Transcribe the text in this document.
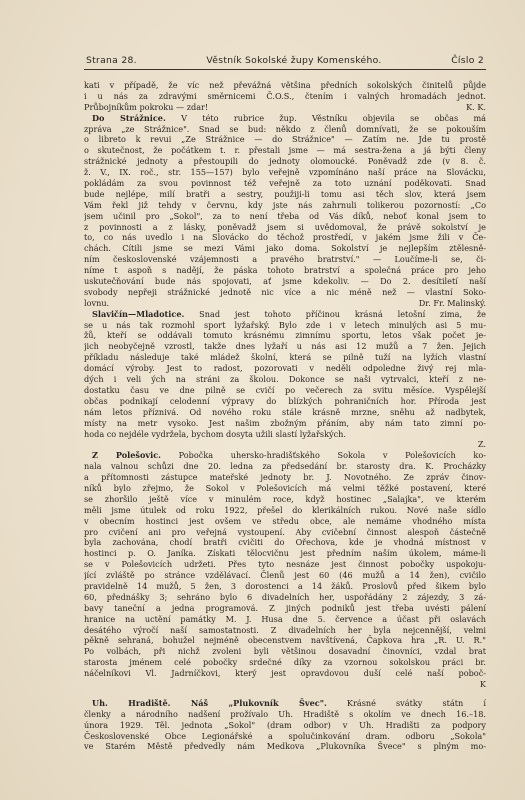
Strana 28.	Věstník Sokolské župy Komenského.	Číslo 2
kati v případě, že víc než převážná většina předních sokolských činitelů půjde
i u nás za zdravými směrnicemi Č.O.S., čtením i valných hromadách jednot.
Průbojníkům pokroku — zdar!	K. K.
Do Strážnice. V této rubrice žup. Věstníku objevila se občas má
zpráva „ze Strážnice". Snad se bud: někdo z členů domnívati, že se pokouším
o libreto k revui „Ze Strážnice — do Strážnice" — Zatím ne. Jde tu prostě
o skutečnost, že počátkem t. r. přestali jsme — má sestra-žena a já býti členy
strážnické jednoty a přestoupili do jednoty olomoucké. Poněvadž zde (v 8. č.
ž. V., IX. roč., str. 155—157) bylo veřejně vzpomínáno naší práce na Slovácku,
pokládám za svou povinnost též veřejně za toto uznání poděkovati. Snad
bude nejlépe, milí bratři a sestry, použiji-li tomu asi těch slov, která jsem
Vám řekl již tehdy v červnu, kdy jste nás zahrnuli tolikerou pozorností: „Co
jsem učinil pro „Sokol", za to není třeba od Vás díků, neboť konal jsem to
z povinnosti a z lásky, poněvadž jsem si uvědomoval, že právě sokolství je
to, co nás uvedlo i na Slovácko do těchož prostředí, v jakém jsme žili v Če-
chách. Cítili jsme se mezi Vámi jako doma. Sokolství je nejlepším ztělesně-
ním československé vzájemnosti a pravého bratrství." — Loučíme-li se, či-
níme t aspoň s nadějí, že páska tohoto bratrství a společná práce pro jeho
uskutečňování bude nás spojovati, ať jsme kdekoliv. — Do 2. desítiletí naší
svobody nepřeji strážnické jednotě nic více a nic méně než — vlastní Soko-
lovnu.	Dr. Fr. Malinský.
Slavičín—Mladotice. Snad jest tohoto příčinou krásná letošní zima, že
se u nás tak rozmohl sport lyžařský. Bylo zde i v letech minulých asi 5 mu-
žů, kteří se oddávali tomuto krásnému zimnímu sportu, letos však počet je-
jich neobyčejně vzrostl, takže dnes lyžaří u nás asi 12 mužů a 7 žen. Jejich
příkladu následuje také mládež školní, která se pilně tuží na lyžích vlastní
domácí výroby. Jest to radost, pozorovati v neděli odpoledne živý rej mla-
dých i veli ých na stráni za školou. Dokonce se naši vytrvalci, kteří z ne-
dostatku času ve dne pilně se cvičí po večerech za svitu měsíce. Vyspělejší
občas podnikají celodenní výpravy do blízkých pohraničních hor. Příroda jest
nám letos příznivá. Od nového roku stále krásně mrzne, sněhu až nadbytek,
místy na metr vysoko. Jest našim zbožným přáním, aby nám tato zimní po-
hoda co nejdéle vydržela, bychom dosyta užili slastí lyžařských.
Z.
Z Polešovic. Pobočka uhersko-hradišťského Sokola v Polešovicích ko-
nala valnou schůzi dne 20. ledna za předsedání br. starosty dra. K. Procházky
a přítomnosti zástupce mateřské jednoty br. J. Novotného. Ze zpráv činov-
níků bylo zřejmo, že Sokol v Polešovicích má velmi těžké postavení, které
se zhoršilo ještě více v minulém roce, když hostinec „Salajka", ve kterém
měli jsme útulek od roku 1922, přešel do klerikálních rukou. Nové naše sídlo
v obecním hostinci jest ovšem ve středu obce, ale nemáme vhodného místa
pro cvičení ani pro veřejná vystoupení. Aby cvičební činnost alespoň částečně
byla zachována, chodí bratři cvičiti do Ořechova, kde je vhodná místnost v
hostinci p. O. Janíka. Získati tělocvičnu jest předním naším úkolem, máme-li
se v Polešovicích udržeti. Přes tyto nesnáze jest činnost pobočky uspokoju-
jící zvláště po stránce vzdělávací. Členů jest 60 (46 mužů a 14 žen), cvičilo
pravidelně 14 mužů, 5 žen, 3 dorostenci a 14 žáků. Proslovů před šikem bylo
60, přednášky 3; sehráno bylo 6 divadelních her, uspořádány 2 zájezdy, 3 zá-
bavy taneční a jedna programová. Z jiných podniků jest třeba uvésti pálení
hranice na uctění památky M. J. Husa dne 5. července a účast při oslavách
desátého výročí naší samostatnosti. Z divadelních her byla nejcennější, velmi
pěkně sehraná, bohužel nejméně obecenstvem navštívená, Čapkova hra „R. U. R."
Po volbách, při nichž zvoleni byli většinou dosavadní činovníci, vzdal brat
starosta jménem celé pobočky srdečné díky za vzornou sokolskou práci br.
náčelníkovi Vl. Jadrníčkovi, který jest opravdovou duší celé naší poboč-
K
Uh. Hradiště. Náš „Plukovník Švec". Krásné svátky státn í
členky a národního nadšení prožívalo Uh. Hradiště s okolím ve dnech 16.–18.
února 1929. Těl. jednota „Sokol" (dram odbor) v Uh. Hradišti za podpory
Československé Obce Legionářské a spolučinkování dram. odboru „Sokola"
ve Starém Městě předvedly nám Medkova „Plukovníka Švece" s plným mo-
